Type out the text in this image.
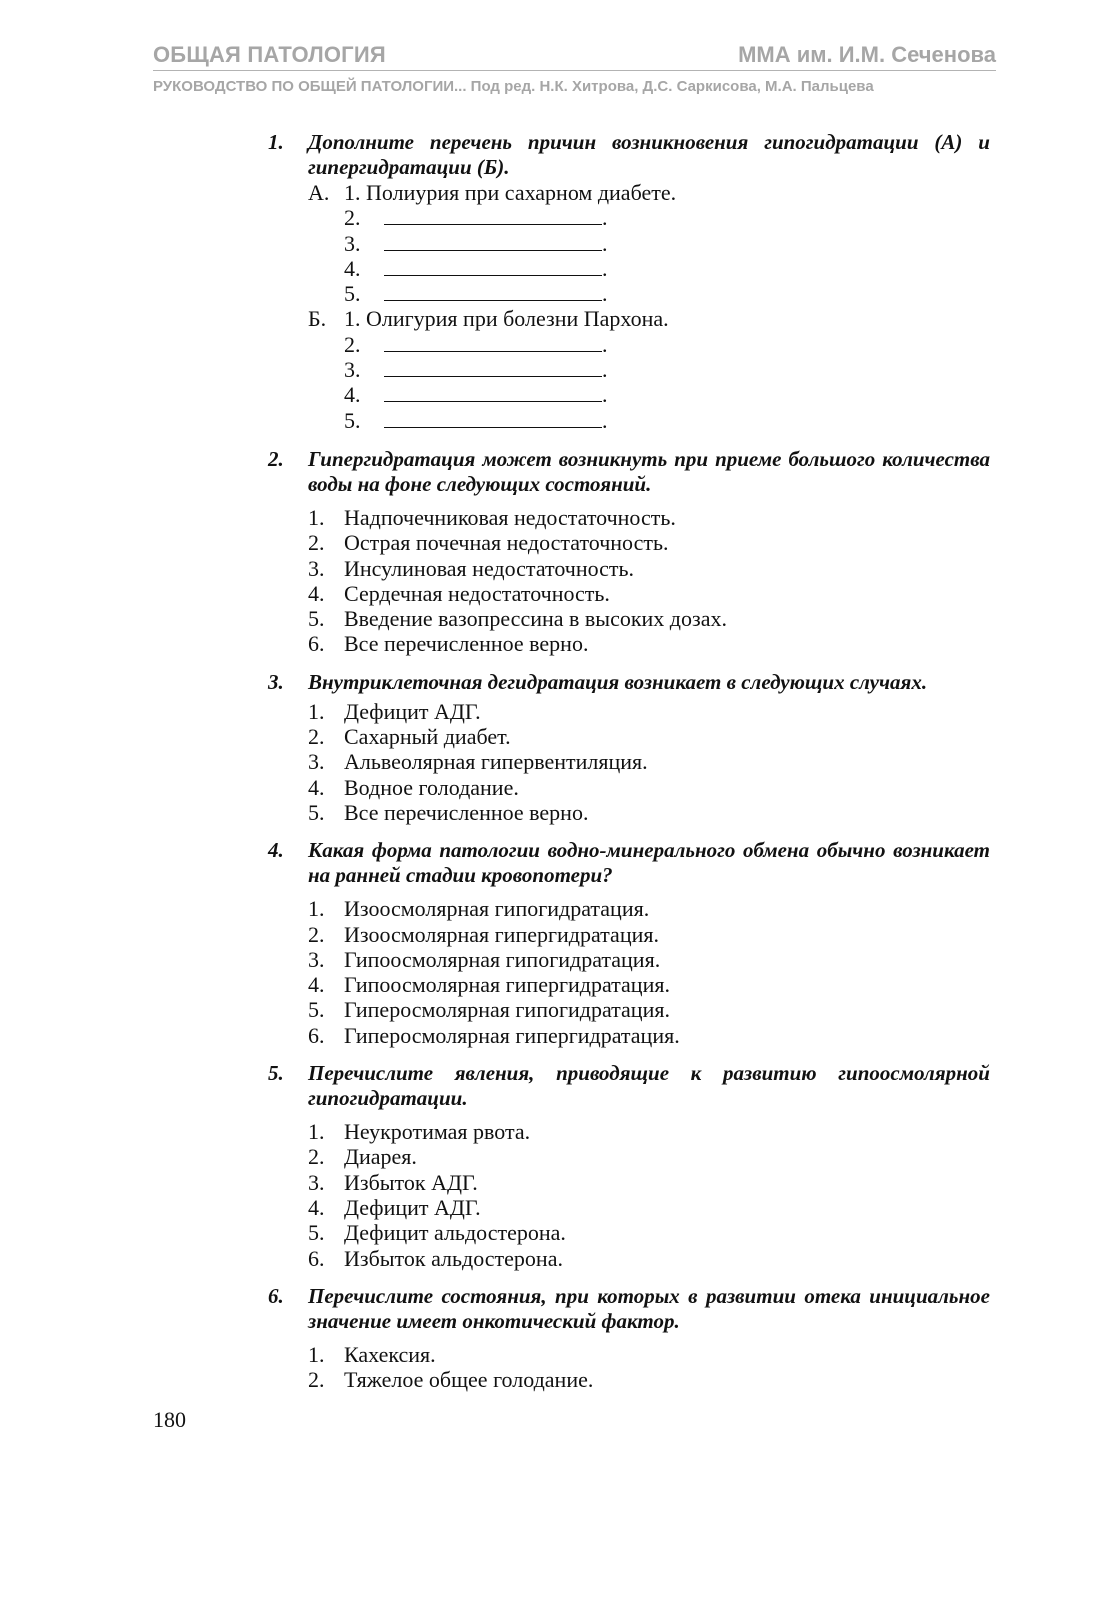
ОБЩАЯ ПАТОЛОГИЯ	ММА им. И.М. Сеченова
РУКОВОДСТВО ПО ОБЩЕЙ ПАТОЛОГИИ... Под ред. Н.К. Хитрова, Д.С. Саркисова, М.А. Пальцева
1. Дополните перечень причин возникновения гипогидратации (А) и гипергидратации (Б).
А. 1. Полиурия при сахарном диабете.
2.	.
3.	.
4.	.
5.	.
Б. 1. Олигурия при болезни Пархона.
2.	.
3.	.
4.	.
5.	.
2. Гипергидратация может возникнуть при приеме большого количества воды на фоне следующих состояний.
1. Надпочечниковая недостаточность.
2. Острая почечная недостаточность.
3. Инсулиновая недостаточность.
4. Сердечная недостаточность.
5. Введение вазопрессина в высоких дозах.
6. Все перечисленное верно.
3. Внутриклеточная дегидратация возникает в следующих случаях.
1. Дефицит АДГ.
2. Сахарный диабет.
3. Альвеолярная гипервентиляция.
4. Водное голодание.
5. Все перечисленное верно.
4. Какая форма патологии водно-минерального обмена обычно возникает на ранней стадии кровопотери?
1. Изоосмолярная гипогидратация.
2. Изоосмолярная гипергидратация.
3. Гипоосмолярная гипогидратация.
4. Гипоосмолярная гипергидратация.
5. Гиперосмолярная гипогидратация.
6. Гиперосмолярная гипергидратация.
5. Перечислите явления, приводящие к развитию гипоосмолярной гипогидратации.
1. Неукротимая рвота.
2. Диарея.
3. Избыток АДГ.
4. Дефицит АДГ.
5. Дефицит альдостерона.
6. Избыток альдостерона.
6. Перечислите состояния, при которых в развитии отека инициальное значение имеет онкотический фактор.
1. Кахексия.
2. Тяжелое общее голодание.
180
